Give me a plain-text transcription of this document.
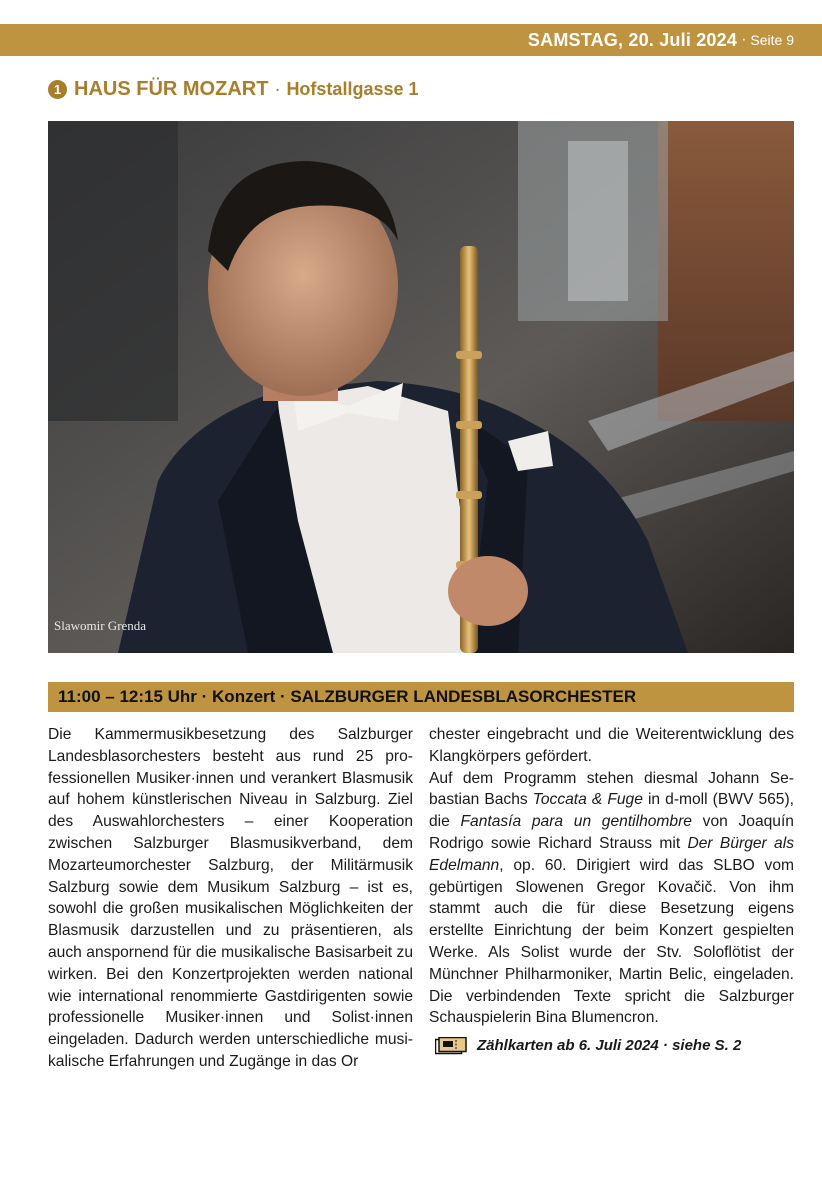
SAMSTAG, 20. Juli 2024 · Seite 9
1 HAUS FÜR MOZART · Hofstallgasse 1
Slawomir Grenda
11:00 – 12:15 Uhr · Konzert · SALZBURGER LANDESBLASORCHESTER

Die Kammermusikbesetzung des Salzburger Landesblasorchesters besteht aus rund 25 professionellen Musiker·innen und verankert Blasmusik auf hohem künstlerischen Niveau in Salzburg. Ziel des Auswahlorchesters – einer Kooperation zwischen Salzburger Blasmusikverband, dem Mozarteumorchester Salzburg, der Militärmusik Salzburg sowie dem Musikum Salzburg – ist es, sowohl die großen musikalischen Möglichkeiten der Blasmusik darzustellen und zu präsentieren, als auch anspornend für die musikalische Basisarbeit zu wirken. Bei den Konzertprojekten werden national wie international renommierte Gastdirigenten sowie professionelle Musiker·innen und Solist·innen eingeladen. Dadurch werden unterschiedliche musikalische Erfahrungen und Zugänge in das Or

chester eingebracht und die Weiterentwicklung des Klangkörpers gefördert.

Auf dem Programm stehen diesmal Johann Sebastian Bachs Toccata & Fuge in d-moll (BWV 565), die Fantasía para un gentilhombre von Joaquín Rodrigo sowie Richard Strauss mit Der Bürger als Edelmann, op. 60. Dirigiert wird das SLBO vom gebürtigen Slowenen Gregor Kovačič. Von ihm stammt auch die für diese Besetzung eigens erstellte Einrichtung der beim Konzert gespielten Werke. Als Solist wurde der Stv. Soloflötist der Münchner Philharmoniker, Martin Belic, eingeladen. Die verbindenden Texte spricht die Salzburger Schauspielerin Bina Blumencron.

Zählkarten ab 6. Juli 2024 · siehe S. 2
